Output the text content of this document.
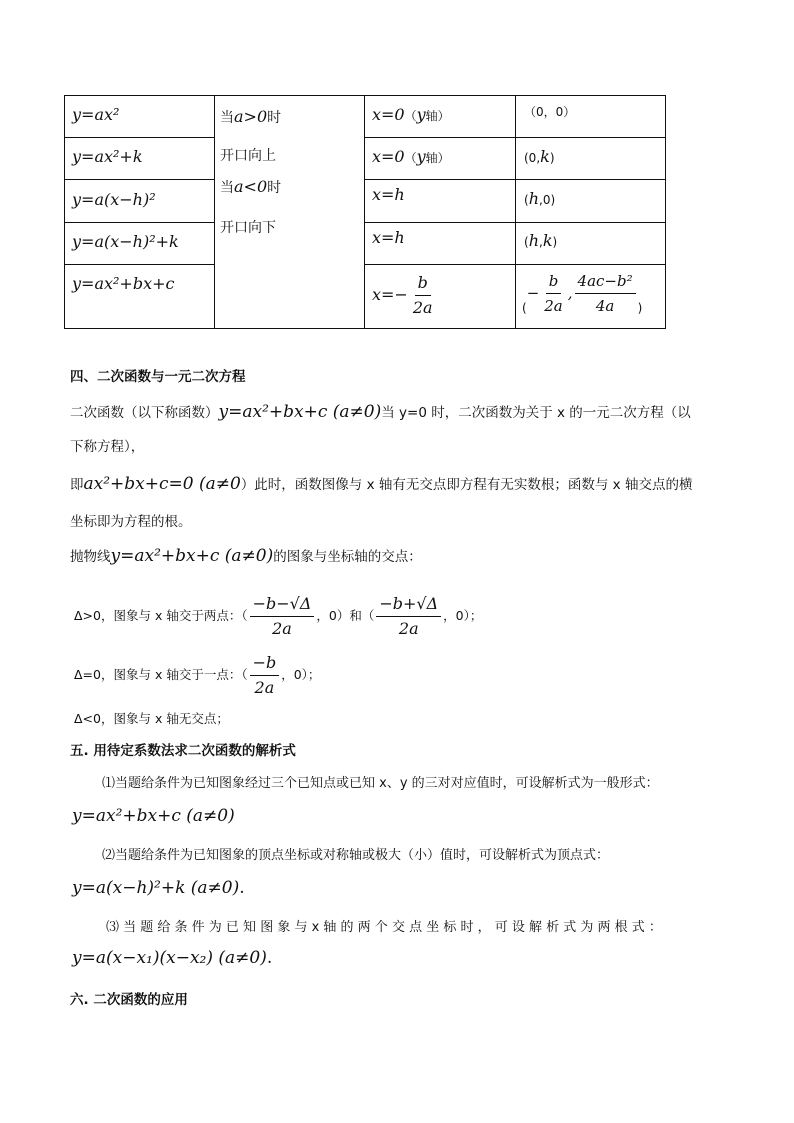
y=ax²
y=ax²+k
y=a(x−h)²
y=a(x−h)²+k
y=ax²+bx+c
当a>0时
开口向上
当a<0时
开口向下
x=0（y轴）
x=0（y轴）
x=h
x=h
$x=- \frac{b}{2a}$
（0，0）
(0,k)
(h,0)
(h,k)
$_(- \frac{b}{2a}$ , $\frac{\text{4ac−b²}}{4a} _)$
四、二次函数与一元二次方程
二次函数（以下称函数）y=ax²+bx+c (a≠0)当 y=0 时，二次函数为关于 x 的一元二次方程（以
下称方程），
即ax²+bx+c=0 (a≠0）此时，函数图像与 x 轴有无交点即方程有无实数根；函数与 x 轴交点的横
坐标即为方程的根。
抛物线y=ax²+bx+c (a≠0)的图象与坐标轴的交点：
Δ>0，图象与 x 轴交于两点：（ $\frac{-b-√\Delta}{2a}$ ，0）和（ $\frac{-b+√\Delta}{2a}$ ，0）；
Δ=0，图象与 x 轴交于一点：（ $\frac{-b}{2a}$ ，0）；
Δ<0，图象与 x 轴无交点；
五. 用待定系数法求二次函数的解析式
⑴当题给条件为已知图象经过三个已知点或已知 x、y 的三对对应值时，可设解析式为一般形式：
y=ax²+bx+c (a≠0)
⑵当题给条件为已知图象的顶点坐标或对称轴或极大（小）值时，可设解析式为顶点式：
y=a(x−h)²+k (a≠0).
⑶ 当 题 给 条 件 为 已 知 图 象 与 x 轴 的 两 个 交 点 坐 标 时 ， 可 设 解 析 式 为 两 根 式 ：
y=a(x−x₁)(x−x₂) (a≠0).
六. 二次函数的应用
